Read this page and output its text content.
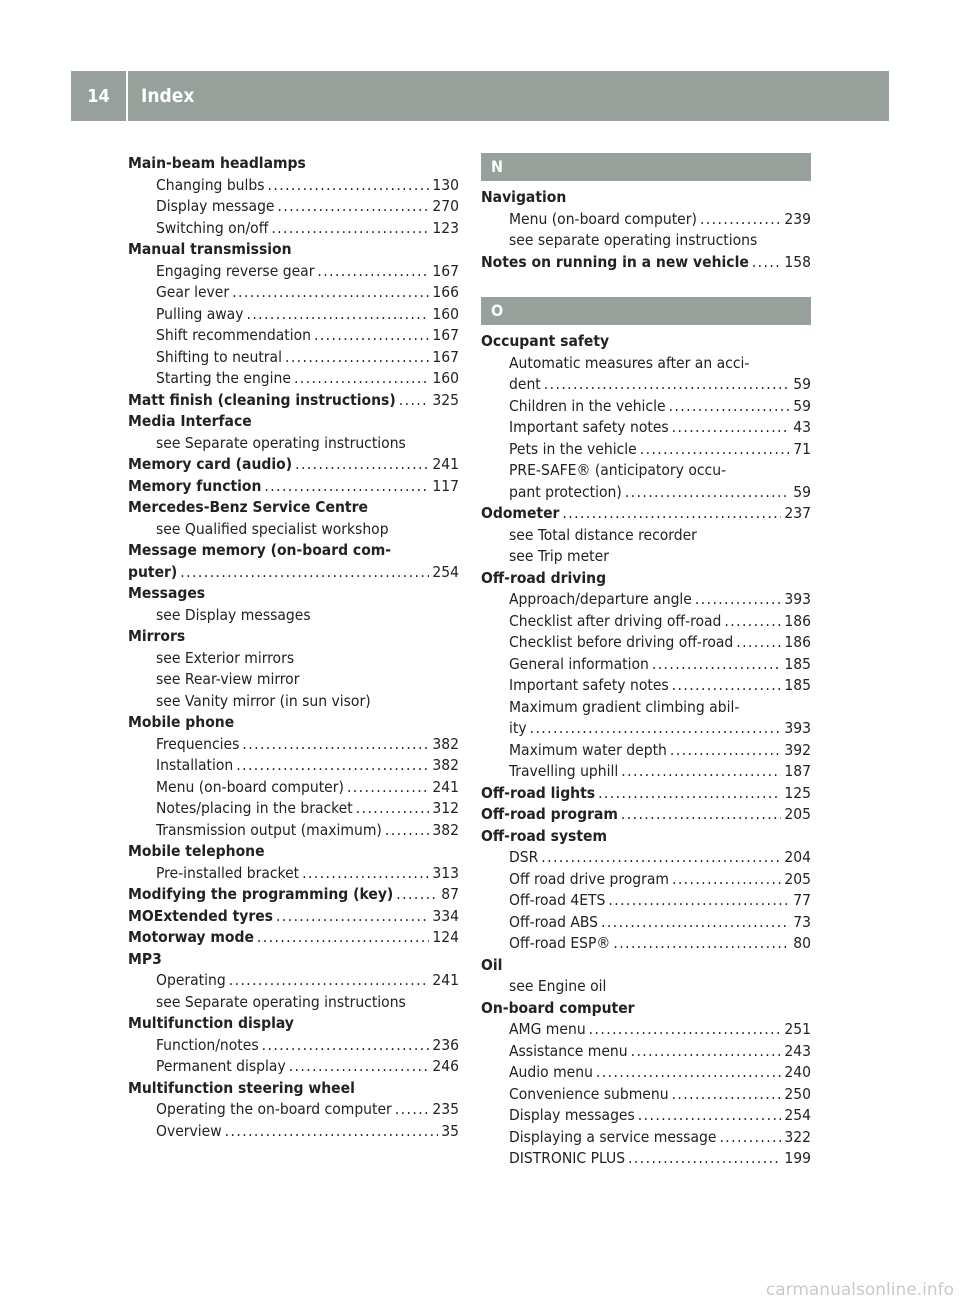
14	Index
Main-beam headlamps
Changing bulbs . . .	130
Display message . . .	270
Switching on/off . . .	123
Manual transmission
Engaging reverse gear . . .	167
Gear lever . . .	166
Pulling away . . .	160
Shift recommendation . . .	167
Shifting to neutral . . .	167
Starting the engine . . .	160
Matt finish (cleaning instructions) . . . 325
Media Interface
see Separate operating instructions
Memory card (audio) . . .	241
Memory function . . .	117
Mercedes-Benz Service Centre
see Qualified specialist workshop
Message memory (on-board com-
puter) . . .	254
Messages
see Display messages
Mirrors
see Exterior mirrors
see Rear-view mirror
see Vanity mirror (in sun visor)
Mobile phone
Frequencies . . .	382
Installation . . .	382
Menu (on-board computer) . . .	241
Notes/placing in the bracket . . .	312
Transmission output (maximum) . . .	382
Mobile telephone
Pre-installed bracket . . .	313
Modifying the programming (key) . . .	87
MOExtended tyres . . .	334
Motorway mode . . .	124
MP3
Operating . . .	241
see Separate operating instructions
Multifunction display
Function/notes . . .	236
Permanent display . . .	246
Multifunction steering wheel
Operating the on-board computer . . .	235
Overview . . .	35
N
Navigation
Menu (on-board computer) . . .	239
see separate operating instructions
Notes on running in a new vehicle . . . 158
O
Occupant safety
Automatic measures after an acci-
dent . . .	59
Children in the vehicle . . .	59
Important safety notes . . .	43
Pets in the vehicle . . .	71
PRE-SAFE® (anticipatory occu-
pant protection) . . .	59
Odometer . . .	237
see Total distance recorder
see Trip meter
Off-road driving
Approach/departure angle . . .	393
Checklist after driving off-road . . .	186
Checklist before driving off-road . . .	186
General information . . .	185
Important safety notes . . .	185
Maximum gradient climbing abil-
ity . . .	393
Maximum water depth . . .	392
Travelling uphill . . .	187
Off-road lights . . .	125
Off-road program . . .	205
Off-road system
DSR . . .	204
Off road drive program . . .	205
Off-road 4ETS . . .	77
Off-road ABS . . .	73
Off-road ESP® . . .	80
Oil
see Engine oil
On-board computer
AMG menu . . .	251
Assistance menu . . .	243
Audio menu . . .	240
Convenience submenu . . .	250
Display messages . . .	254
Displaying a service message . . .	322
DISTRONIC PLUS . . .	199
carmanualsonline.info
